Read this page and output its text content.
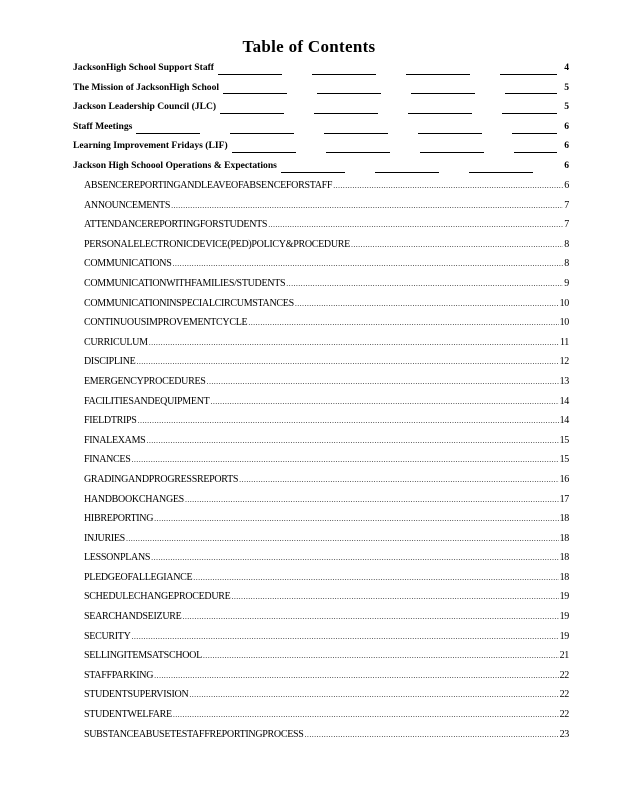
Table of Contents
JacksonHigh School Support Staff	4
The Mission of JacksonHigh School	5
Jackson Leadership Council (JLC)	5
Staff Meetings	6
Learning Improvement Fridays (LIF)	6
Jackson High Schoool Operations & Expectations	6
ABSENCEREPORTINGANDLEAVEOFABSENCEFORSTAFF .....	6
ANNOUNCEMENTS .....	7
ATTENDANCEREPORTINGFORSTUDENTS .....	7
PERSONALELECTRONICDEVICE(PED)POLICY&PROCEDURE .....	8
COMMUNICATIONS .....	8
COMMUNICATIONWITHFAMILIES/STUDENTS .....	9
COMMUNICATIONINSPECIALCIRCUMSTANCES .....	10
CONTINUOUSIMPROVEMENTCYCLE .....	10
CURRICULUM .....	11
DISCIPLINE .....	12
EMERGENCYPROCEDURES .....	13
FACILITIESANDEQUIPMENT .....	14
FIELDTRIPS .....	14
FINALEXAMS .....	15
FINANCES .....	15
GRADINGANDPROGRESSREPORTS .....	16
HANDBOOKCHANGES .....	17
HIBREPORTING .....	18
INJURIES .....	18
LESSONPLANS .....	18
PLEDGEOFALLEGIANCE .....	18
SCHEDULECHANGEPROCEDURE .....	19
SEARCHANDSEIZURE .....	19
SECURITY .....	19
SELLINGITEMSATSCHOOL .....	21
STAFFPARKING .....	22
STUDENTSUPERVISION .....	22
STUDENTWELFARE .....	22
SUBSTANCEABUSETESTAFFREPORTINGPROCESS .....	23
